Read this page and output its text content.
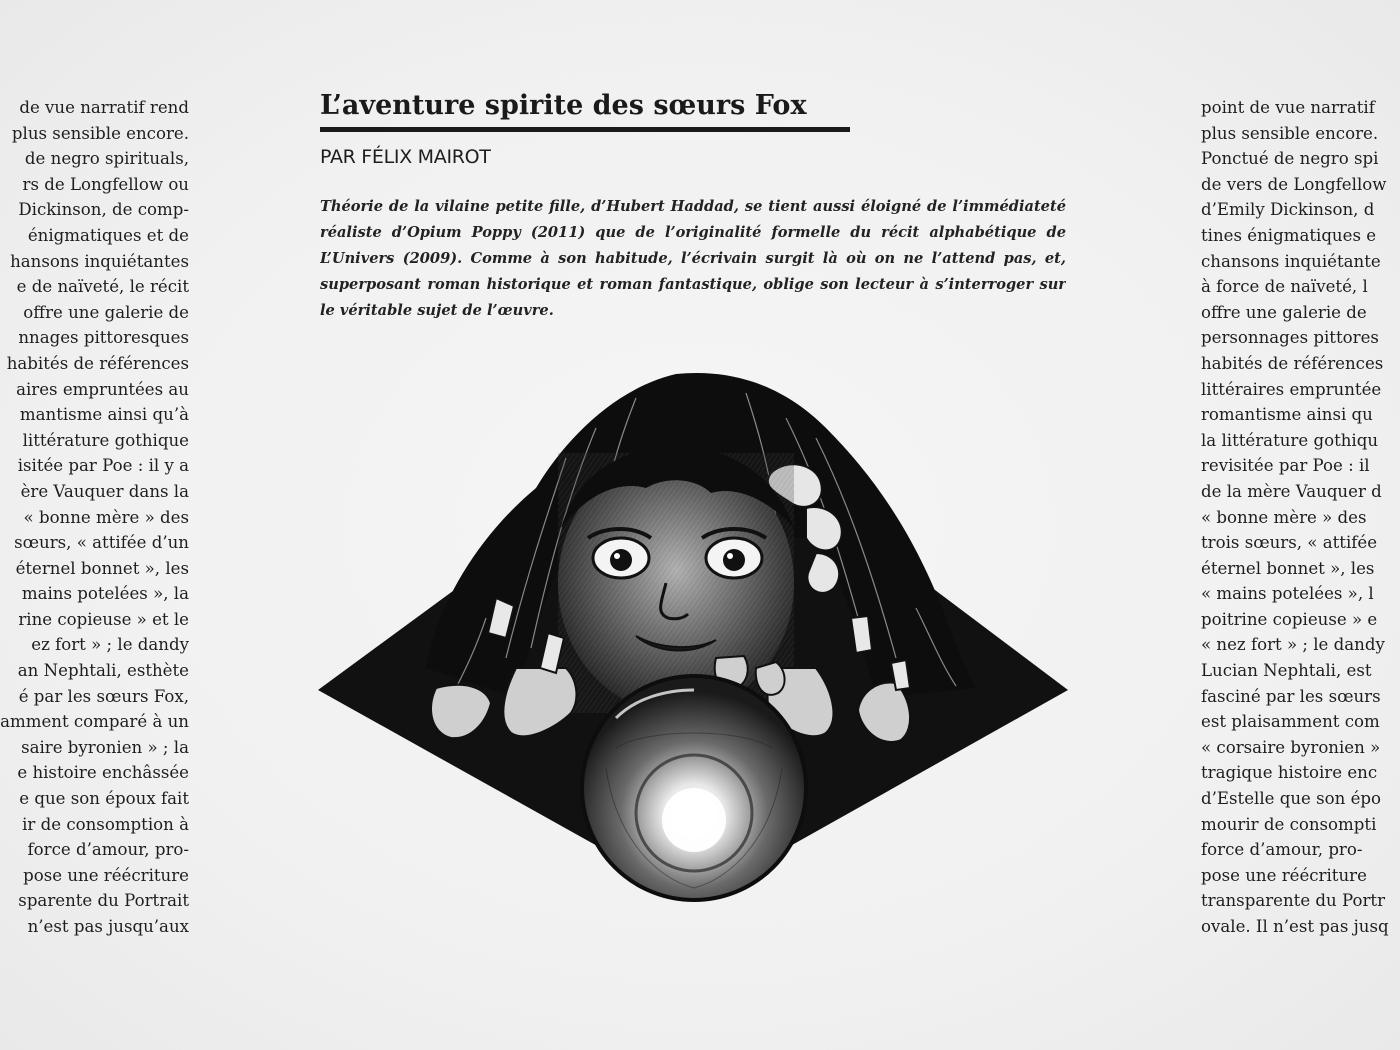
de vue narratif rend
plus sensible encore.
de negro spirituals,
rs de Longfellow ou
Dickinson, de comp-
énigmatiques et de
hansons inquiétantes
e de naïveté, le récit
offre une galerie de
nnages pittoresques
habités de références
aires empruntées au
mantisme ainsi qu’à
littérature gothique
isitée par Poe : il y a
ère Vauquer dans la
« bonne mère » des
sœurs, « attifée d’un
éternel bonnet », les
mains potelées », la
rine copieuse » et le
ez fort » ; le dandy
an Nephtali, esthète
é par les sœurs Fox,
amment comparé à un
saire byronien » ; la
e histoire enchâssée
e que son époux fait
ir de consomption à
force d’amour, pro-
pose une réécriture
sparente du Portrait
n’est pas jusqu’aux
L’aventure spirite des sœurs Fox
PAR FÉLIX MAIROT
Théorie de la vilaine petite fille, d’Hubert Haddad, se tient aussi éloigné de l’immédiateté
réaliste d’Opium Poppy (2011) que de l’originalité formelle du récit alphabétique de
L’Univers (2009). Comme à son habitude, l’écrivain surgit là où on ne l’attend pas, et,
superposant roman historique et roman fantastique, oblige son lecteur à s’interroger sur
le véritable sujet de l’œuvre.
point de vue narratif
plus sensible encore.
Ponctué de negro spi
de vers de Longfellow
d’Emily Dickinson, d
tines énigmatiques e
chansons inquiétante
à force de naïveté, l
offre une galerie de
personnages pittores
habités de références
littéraires empruntée
romantisme ainsi qu
la littérature gothiqu
revisitée par Poe : il
de la mère Vauquer d
« bonne mère » des
trois sœurs, « attifée
éternel bonnet », les
« mains potelées », l
poitrine copieuse » e
« nez fort » ; le dandy
Lucian Nephtali, est
fasciné par les sœurs
est plaisamment com
« corsaire byronien »
tragique histoire enc
d’Estelle que son épo
mourir de consompti
force d’amour, pro-
pose une réécriture
transparente du Portr
ovale. Il n’est pas jusq
